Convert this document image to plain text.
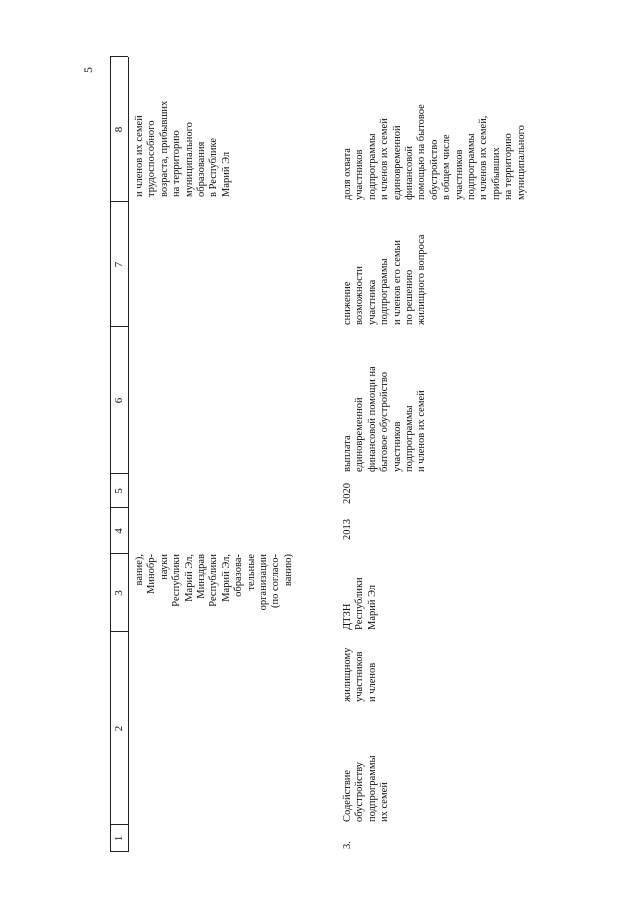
5
1
2
3
4
5
6
7
8
вание),
Минобр-
науки
Республики
Марий Эл,
Минздрав
Республики
Марий Эл,
образова-
тельные
организации
(по согласо-
ванию)
и членов их семей
трудоспособного
возраста, прибывших
на территорию
муниципального
образования
в Республике
Марий Эл
3.
Содействие
обустройству
подпрограммы
их семей
жилищному
участников
и членов
ДТЗН
Республики
Марий Эл
2013
2020
выплата
единовременной
финансовой помощи на
бытовое обустройство
участников
подпрограммы
и членов их семей
снижение
возможности
участника
подпрограммы
и членов его семьи
по решению
жилищного вопроса
доля охвата
участников
подпрограммы
и членов их семей
единовременной
финансовой
помощью на бытовое
обустройство
в общем числе
участников
подпрограммы
и членов их семей,
прибывших
на территорию
муниципального
